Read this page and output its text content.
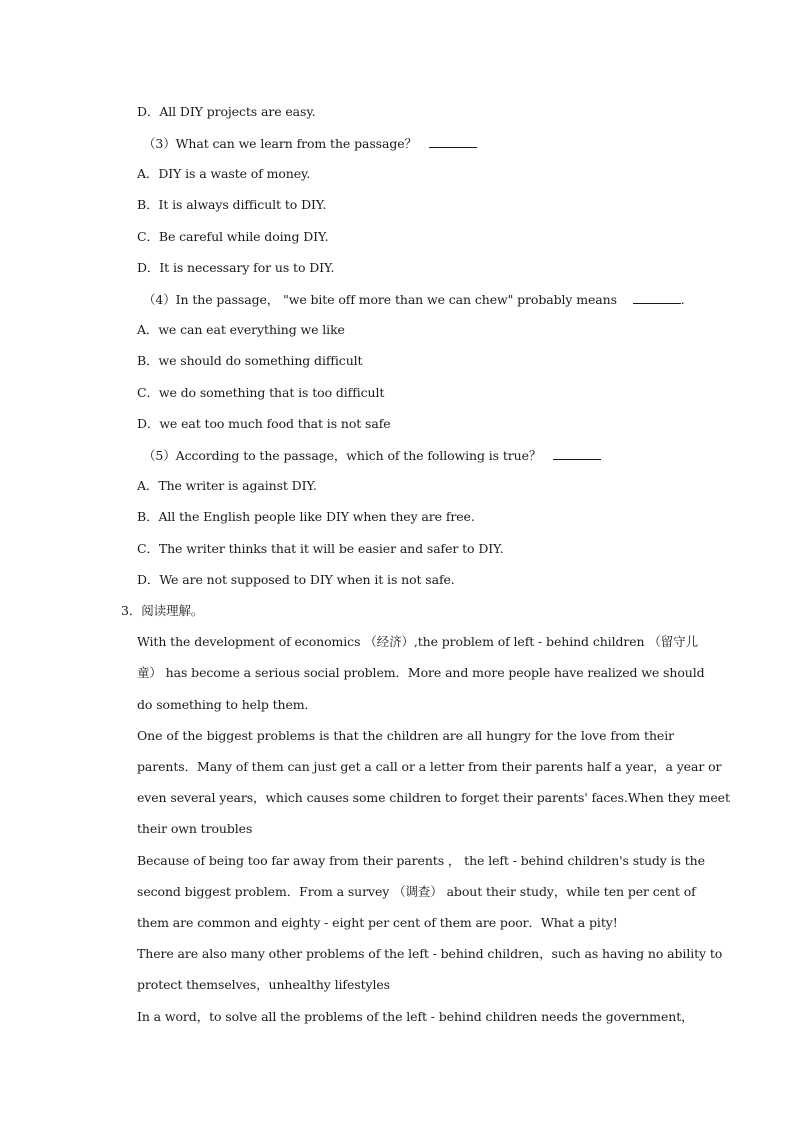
D．All DIY projects are easy.
（3）What can we learn from the passage？
A．DIY is a waste of money.
B．It is always difficult to DIY.
C．Be careful while doing DIY.
D．It is necessary for us to DIY.
（4）In the passage， "we bite off more than we can chew" probably means	.
A．we can eat everything we like
B．we should do something difficult
C．we do something that is too difficult
D．we eat too much food that is not safe
（5）According to the passage，which of the following is true？
A．The writer is against DIY.
B．All the English people like DIY when they are free.
C．The writer thinks that it will be easier and safer to DIY.
D．We are not supposed to DIY when it is not safe.
3．阅读理解。
With the development of economics （经济）,the problem of left - behind children （留守儿
童） has become a serious social problem．More and more people have realized we should
do something to help them．
One of the biggest problems is that the children are all hungry for the love from their
parents．Many of them can just get a call or a letter from their parents half a year，a year or
even several years，which causes some children to forget their parents' faces.When they meet
their own troubles
Because of being too far away from their parents ， the left - behind children's study is the
second biggest problem．From a survey （调查） about their study，while ten per cent of
them are common and eighty - eight per cent of them are poor．What a pity!
There are also many other problems of the left - behind children，such as having no ability to
protect themselves，unhealthy lifestyles
In a word，to solve all the problems of the left - behind children needs the government，
